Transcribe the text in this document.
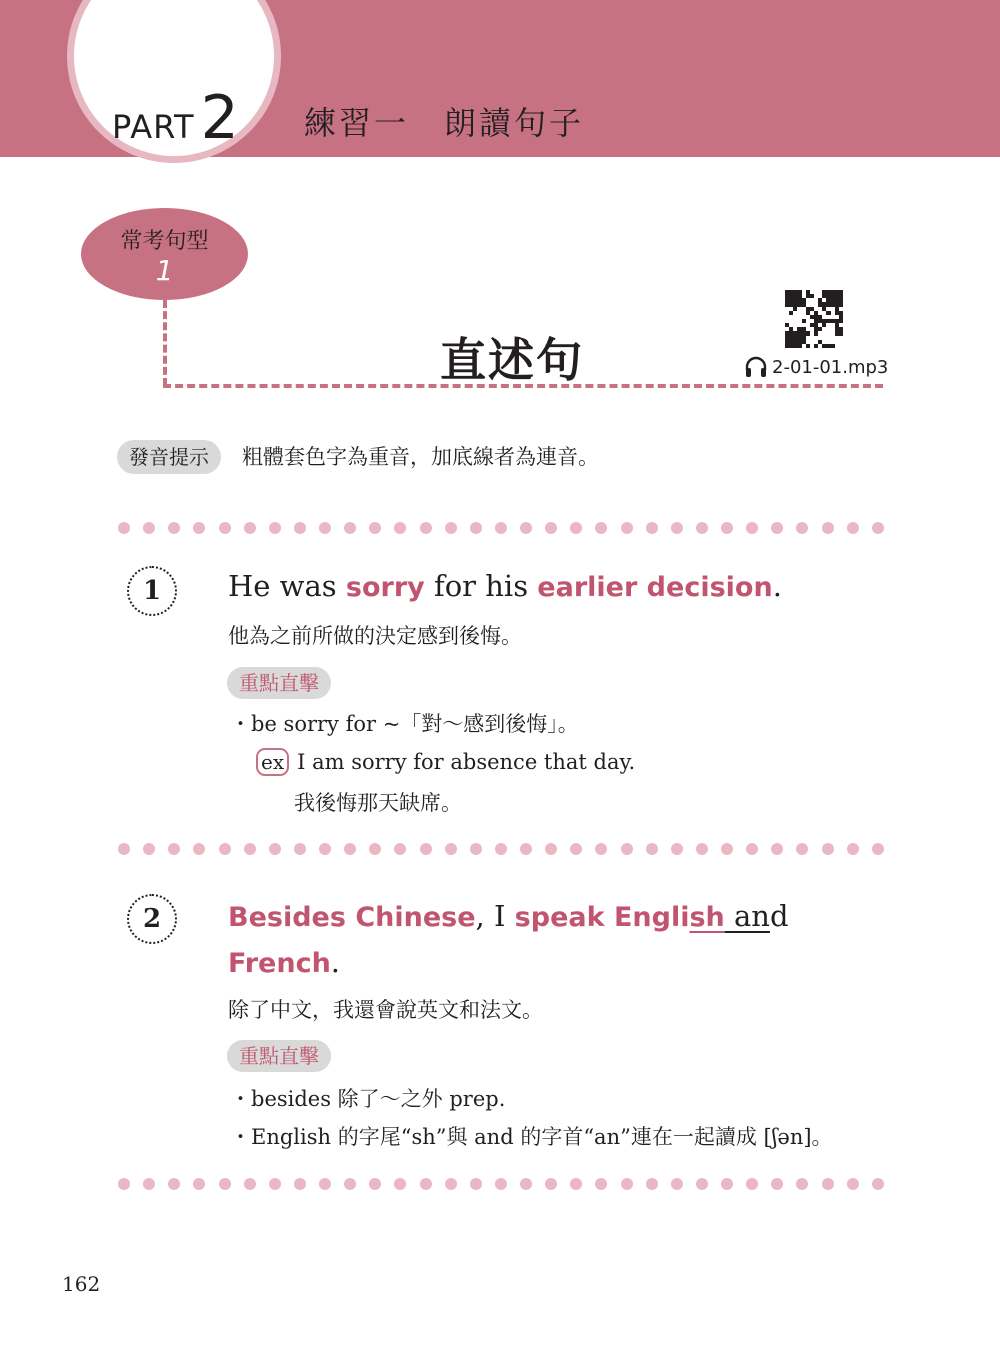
PART 2 練習一　朗讀句子
常考句型
1
直述句	2-01-01.mp3
發音提示	粗體套色字為重音，加底線者為連音。
1	He was sorry for his earlier decision.
他為之前所做的決定感到後悔。
重點直擊
・be sorry for ~「對～感到後悔」。
ex I am sorry for absence that day.
我後悔那天缺席。
2	Besides Chinese, I speak English and
French.
除了中文，我還會說英文和法文。
重點直擊
・besides 除了～之外 prep.
・English 的字尾“sh”與 and 的字首“an”連在一起讀成 [ʃən]。
162
